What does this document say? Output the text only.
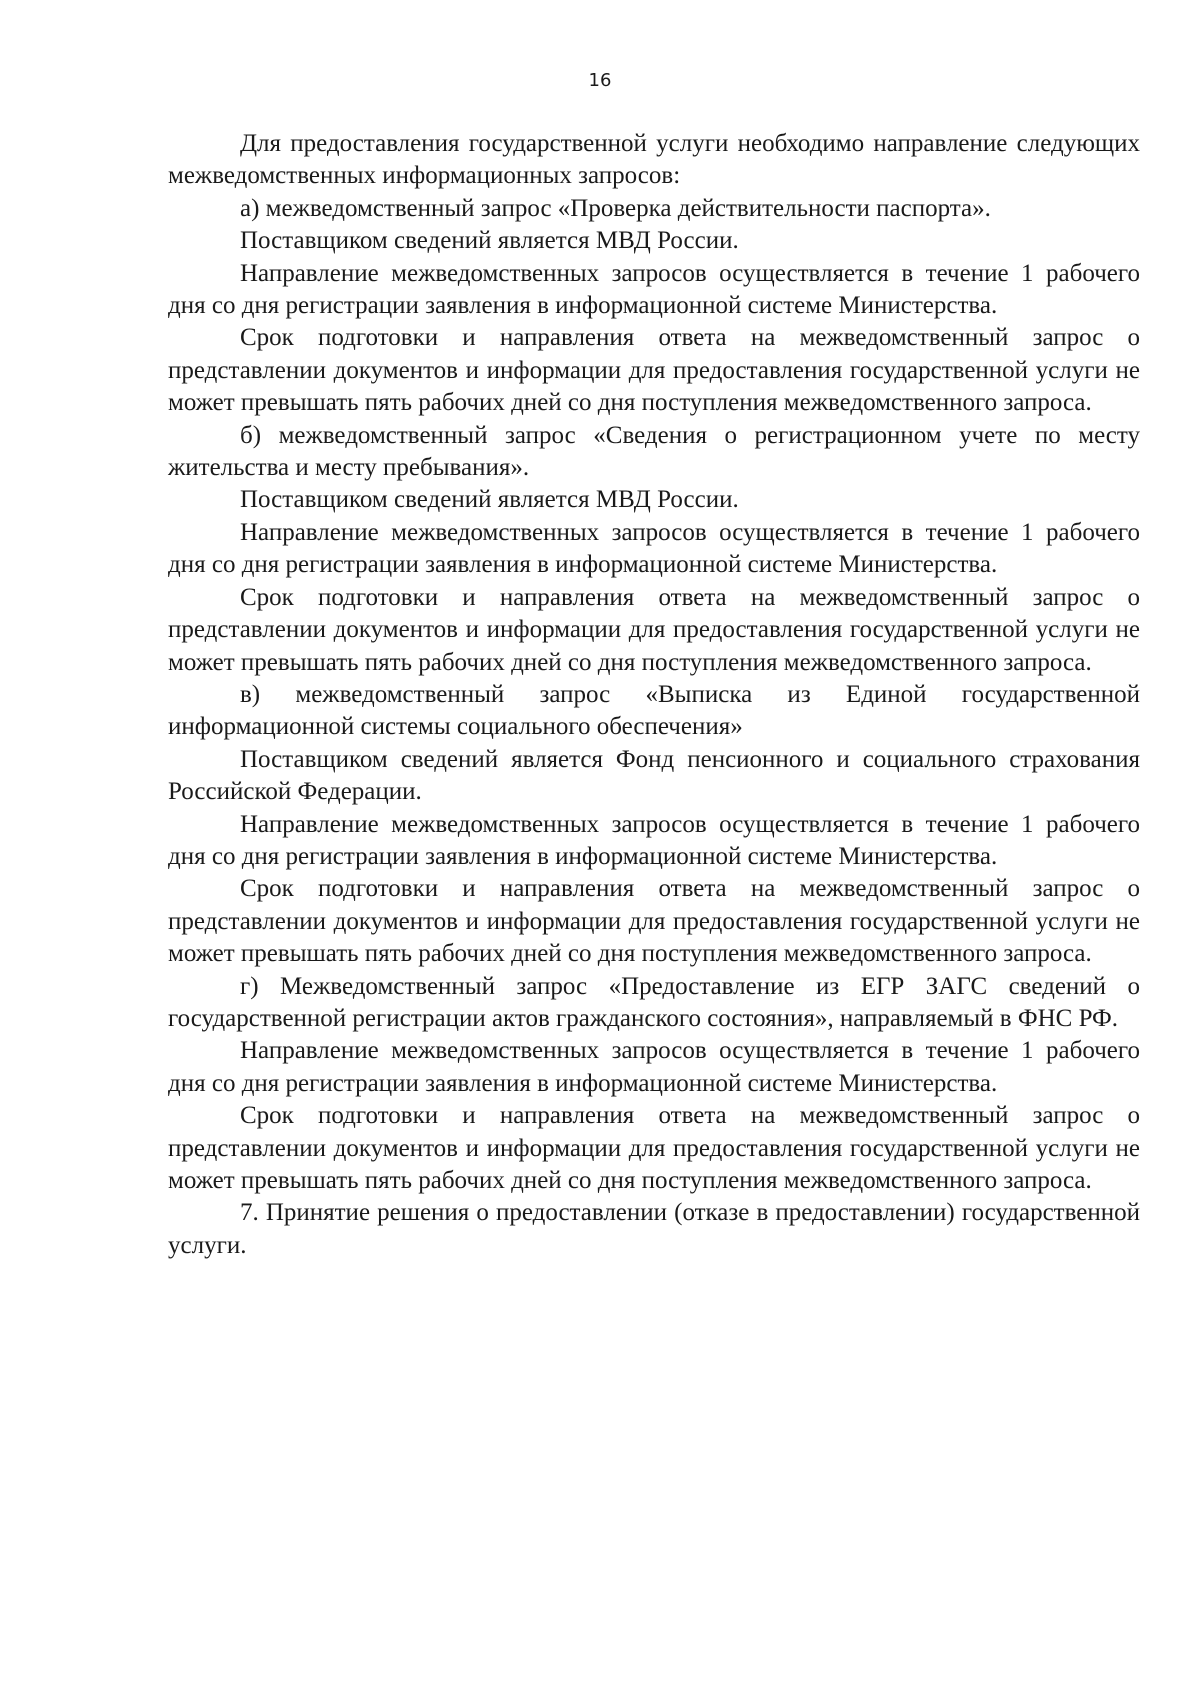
16

Для предоставления государственной услуги необходимо направление следующих межведомственных информационных запросов:

а) межведомственный запрос «Проверка действительности паспорта».

Поставщиком сведений является МВД России.

Направление межведомственных запросов осуществляется в течение 1 рабочего дня со дня регистрации заявления в информационной системе Министерства.

Срок подготовки и направления ответа на межведомственный запрос о представлении документов и информации для предоставления государственной услуги не может превышать пять рабочих дней со дня поступления межведомственного запроса.

б) межведомственный запрос «Сведения о регистрационном учете по месту жительства и месту пребывания».

Поставщиком сведений является МВД России.

Направление межведомственных запросов осуществляется в течение 1 рабочего дня со дня регистрации заявления в информационной системе Министерства.

Срок подготовки и направления ответа на межведомственный запрос о представлении документов и информации для предоставления государственной услуги не может превышать пять рабочих дней со дня поступления межведомственного запроса.

в) межведомственный запрос «Выписка из Единой государственной информационной системы социального обеспечения»

Поставщиком сведений является Фонд пенсионного и социального страхования Российской Федерации.

Направление межведомственных запросов осуществляется в течение 1 рабочего дня со дня регистрации заявления в информационной системе Министерства.

Срок подготовки и направления ответа на межведомственный запрос о представлении документов и информации для предоставления государственной услуги не может превышать пять рабочих дней со дня поступления межведомственного запроса.

г) Межведомственный запрос «Предоставление из ЕГР ЗАГС сведений о государственной регистрации актов гражданского состояния», направляемый в ФНС РФ.

Направление межведомственных запросов осуществляется в течение 1 рабочего дня со дня регистрации заявления в информационной системе Министерства.

Срок подготовки и направления ответа на межведомственный запрос о представлении документов и информации для предоставления государственной услуги не может превышать пять рабочих дней со дня поступления межведомственного запроса.

7. Принятие решения о предоставлении (отказе в предоставлении) государственной услуги.
